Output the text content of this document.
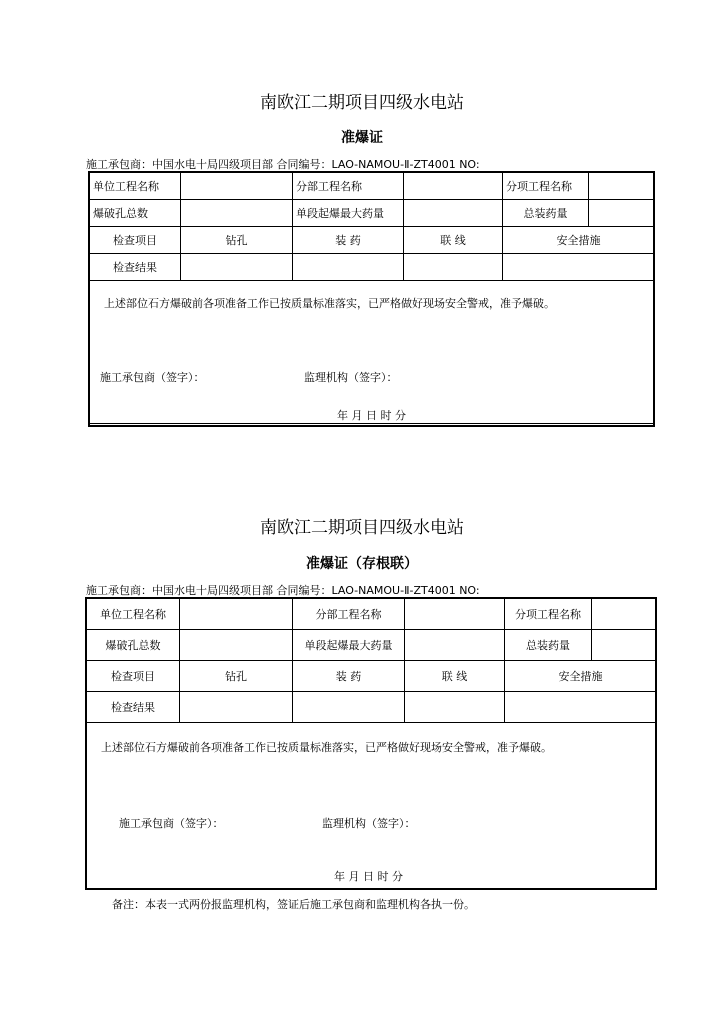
南欧江二期项目四级水电站
准爆证
施工承包商：中国水电十局四级项目部 合同编号：LAO-NAMOU-Ⅱ-ZT4001 NO:
单位工程名称		分部工程名称		分项工程名称	
爆破孔总数		单段起爆最大药量		总装药量	
检查项目	钻孔	装 药	联 线	安全措施	
检查结果					

上述部位石方爆破前各项准备工作已按质量标准落实，已严格做好现场安全警戒，准予爆破。
施工承包商（签字）： 监理机构（签字）：
年 月 日 时 分					
南欧江二期项目四级水电站
准爆证（存根联）
施工承包商：中国水电十局四级项目部 合同编号：LAO-NAMOU-Ⅱ-ZT4001 NO:
单位工程名称		分部工程名称		分项工程名称	
爆破孔总数		单段起爆最大药量		总装药量	
检查项目	钻孔	装 药	联 线	安全措施	
检查结果					

上述部位石方爆破前各项准备工作已按质量标准落实，已严格做好现场安全警戒，准予爆破。
施工承包商（签字）： 监理机构（签字）：
年 月 日 时 分					
备注：本表一式两份报监理机构，签证后施工承包商和监理机构各执一份。
